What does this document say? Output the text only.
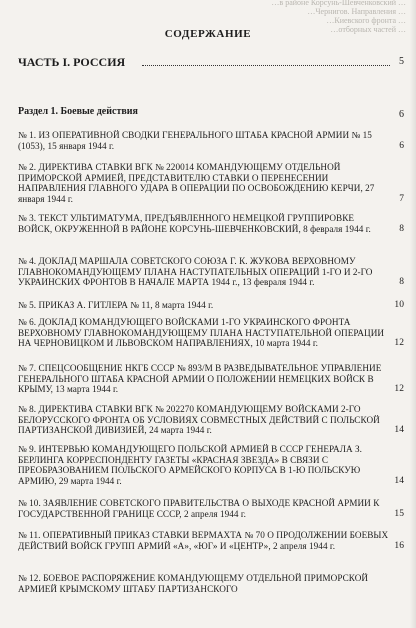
…в районе Корсунь-Шевченковский …
…Чернигов. Направления …
…Киевского фронта …
…отборных частей …
СОДЕРЖАНИЕ
ЧАСТЬ I. РОССИЯ	5
Раздел 1. Боевые действия	6
№ 1. ИЗ ОПЕРАТИВНОЙ СВОДКИ ГЕНЕРАЛЬНОГО ШТАБА КРАСНОЙ АРМИИ № 15 (1053), 15 января 1944 г.	6
№ 2. ДИРЕКТИВА СТАВКИ ВГК № 220014 КОМАНДУЮЩЕМУ ОТДЕЛЬНОЙ ПРИМОРСКОЙ АРМИЕЙ, ПРЕДСТАВИТЕЛЮ СТАВКИ О ПЕРЕНЕСЕНИИ НАПРАВЛЕНИЯ ГЛАВНОГО УДАРА В ОПЕРАЦИИ ПО ОСВОБОЖДЕНИЮ КЕРЧИ, 27 января 1944 г.	7
№ 3. ТЕКСТ УЛЬТИМАТУМА, ПРЕДЪЯВЛЕННОГО НЕМЕЦКОЙ ГРУППИРОВКЕ ВОЙСК, ОКРУЖЕННОЙ В РАЙОНЕ КОРСУНЬ-ШЕВЧЕНКОВСКИЙ, 8 февраля 1944 г.	8
№ 4. ДОКЛАД МАРШАЛА СОВЕТСКОГО СОЮЗА Г. К. ЖУКОВА ВЕРХОВНОМУ ГЛАВНОКОМАНДУЮЩЕМУ ПЛАНА НАСТУПАТЕЛЬНЫХ ОПЕРАЦИЙ 1-ГО И 2-ГО УКРАИНСКИХ ФРОНТОВ В НАЧАЛЕ МАРТА 1944 г., 13 февраля 1944 г.	8
№ 5. ПРИКАЗ А. ГИТЛЕРА № 11, 8 марта 1944 г.	10
№ 6. ДОКЛАД КОМАНДУЮЩЕГО ВОЙСКАМИ 1-ГО УКРАИНСКОГО ФРОНТА ВЕРХОВНОМУ ГЛАВНОКОМАНДУЮЩЕМУ ПЛАНА НАСТУПАТЕЛЬНОЙ ОПЕРАЦИИ НА ЧЕРНОВИЦКОМ И ЛЬВОВСКОМ НАПРАВЛЕНИЯХ, 10 марта 1944 г.	12
№ 7. СПЕЦСООБЩЕНИЕ НКГБ СССР № 893/М В РАЗВЕДЫВАТЕЛЬНОЕ УПРАВЛЕНИЕ ГЕНЕРАЛЬНОГО ШТАБА КРАСНОЙ АРМИИ О ПОЛОЖЕНИИ НЕМЕЦКИХ ВОЙСК В КРЫМУ, 13 марта 1944 г.	12
№ 8. ДИРЕКТИВА СТАВКИ ВГК № 202270 КОМАНДУЮЩЕМУ ВОЙСКАМИ 2-ГО БЕЛОРУССКОГО ФРОНТА ОБ УСЛОВИЯХ СОВМЕСТНЫХ ДЕЙСТВИЙ С ПОЛЬСКОЙ ПАРТИЗАНСКОЙ ДИВИЗИЕЙ, 24 марта 1944 г.	14
№ 9. ИНТЕРВЬЮ КОМАНДУЮЩЕГО ПОЛЬСКОЙ АРМИЕЙ В СССР ГЕНЕРАЛА З. БЕРЛИНГА КОРРЕСПОНДЕНТУ ГАЗЕТЫ «КРАСНАЯ ЗВЕЗДА» В СВЯЗИ С ПРЕОБРАЗОВАНИЕМ ПОЛЬСКОГО АРМЕЙСКОГО КОРПУСА В 1-Ю ПОЛЬСКУЮ АРМИЮ, 29 марта 1944 г.	14
№ 10. ЗАЯВЛЕНИЕ СОВЕТСКОГО ПРАВИТЕЛЬСТВА О ВЫХОДЕ КРАСНОЙ АРМИИ К ГОСУДАРСТВЕННОЙ ГРАНИЦЕ СССР, 2 апреля 1944 г.	15
№ 11. ОПЕРАТИВНЫЙ ПРИКАЗ СТАВКИ ВЕРМАХТА № 70 О ПРОДОЛЖЕНИИ БОЕВЫХ ДЕЙСТВИЙ ВОЙСК ГРУПП АРМИЙ «А», «ЮГ» И «ЦЕНТР», 2 апреля 1944 г.	16
№ 12. БОЕВОЕ РАСПОРЯЖЕНИЕ КОМАНДУЮЩЕМУ ОТДЕЛЬНОЙ ПРИМОРСКОЙ АРМИЕЙ КРЫМСКОМУ ШТАБУ ПАРТИЗАНСКОГО
